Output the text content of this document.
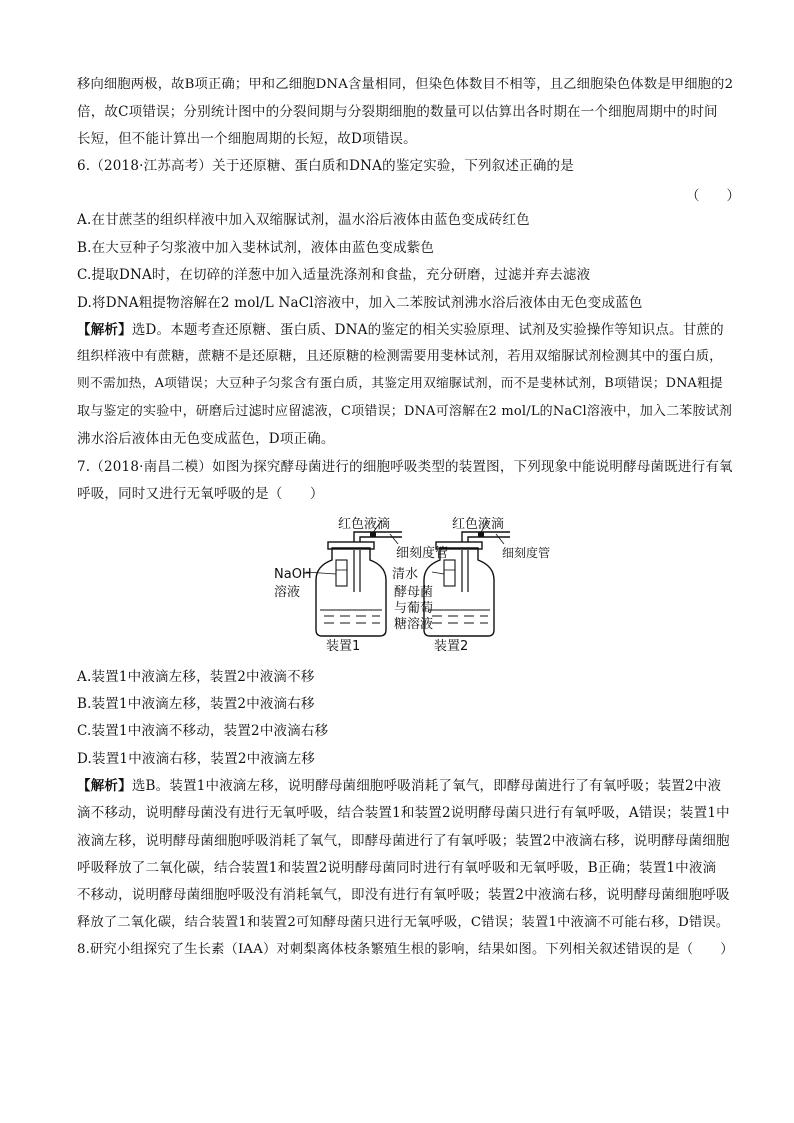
移向细胞两极，故B项正确；甲和乙细胞DNA含量相同，但染色体数目不相等，且乙细胞染色体数是甲细胞的2
倍，故C项错误；分别统计图中的分裂间期与分裂期细胞的数量可以估算出各时期在一个细胞周期中的时间
长短，但不能计算出一个细胞周期的长短，故D项错误。
6.（2018·江苏高考）关于还原糖、蛋白质和DNA的鉴定实验，下列叙述正确的是
（　　）
A.在甘蔗茎的组织样液中加入双缩脲试剂，温水浴后液体由蓝色变成砖红色
B.在大豆种子匀浆液中加入斐林试剂，液体由蓝色变成紫色
C.提取DNA时，在切碎的洋葱中加入适量洗涤剂和食盐，充分研磨，过滤并弃去滤液
D.将DNA粗提物溶解在2 mol/L NaCl溶液中，加入二苯胺试剂沸水浴后液体由无色变成蓝色
【解析】选D。本题考查还原糖、蛋白质、DNA的鉴定的相关实验原理、试剂及实验操作等知识点。甘蔗的
组织样液中有蔗糖，蔗糖不是还原糖，且还原糖的检测需要用斐林试剂，若用双缩脲试剂检测其中的蛋白质，
则不需加热，A项错误；大豆种子匀浆含有蛋白质，其鉴定用双缩脲试剂，而不是斐林试剂，B项错误；DNA粗提
取与鉴定的实验中，研磨后过滤时应留滤液，C项错误；DNA可溶解在2 mol/L的NaCl溶液中，加入二苯胺试剂
沸水浴后液体由无色变成蓝色，D项正确。
7.（2018·南昌二模）如图为探究酵母菌进行的细胞呼吸类型的装置图，下列现象中能说明酵母菌既进行有氧
呼吸，同时又进行无氧呼吸的是（　　）
红色液滴	红色液滴
细刻度管	细刻度管
NaOH
溶液
清水
酵母菌
与葡萄
糖溶液
装置1	装置2
A.装置1中液滴左移，装置2中液滴不移
B.装置1中液滴左移，装置2中液滴右移
C.装置1中液滴不移动，装置2中液滴右移
D.装置1中液滴右移，装置2中液滴左移
【解析】选B。装置1中液滴左移，说明酵母菌细胞呼吸消耗了氧气，即酵母菌进行了有氧呼吸；装置2中液
滴不移动，说明酵母菌没有进行无氧呼吸，结合装置1和装置2说明酵母菌只进行有氧呼吸，A错误；装置1中
液滴左移，说明酵母菌细胞呼吸消耗了氧气，即酵母菌进行了有氧呼吸；装置2中液滴右移，说明酵母菌细胞
呼吸释放了二氧化碳，结合装置1和装置2说明酵母菌同时进行有氧呼吸和无氧呼吸，B正确；装置1中液滴
不移动，说明酵母菌细胞呼吸没有消耗氧气，即没有进行有氧呼吸；装置2中液滴右移，说明酵母菌细胞呼吸
释放了二氧化碳，结合装置1和装置2可知酵母菌只进行无氧呼吸，C错误；装置1中液滴不可能右移，D错误。
8.研究小组探究了生长素（IAA）对刺梨离体枝条繁殖生根的影响，结果如图。下列相关叙述错误的是（　　）
